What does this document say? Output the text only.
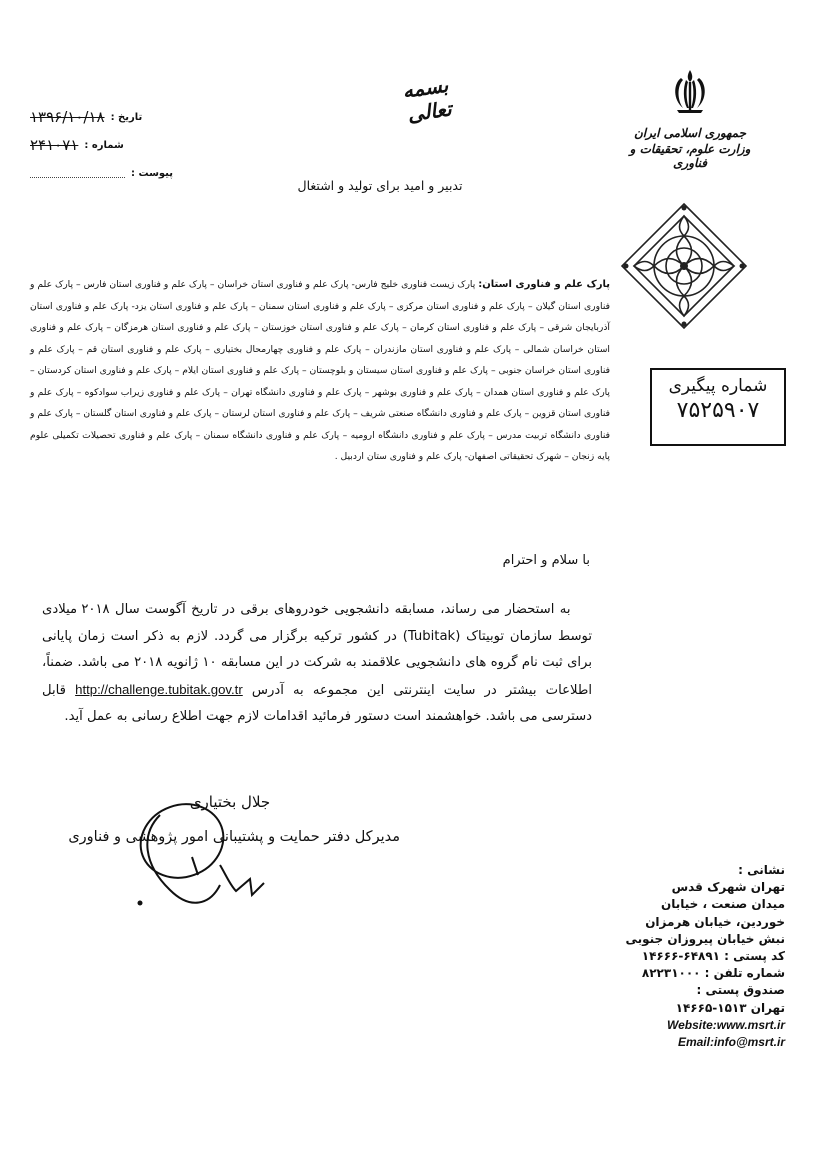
تاریخ :
۱۳۹۶/۱۰/۱۸
شماره :
۲۴۱۰۷۱
پیوست :
بسمه تعالی
تدبیر و امید برای تولید و اشتغال
جمهوری اسلامی ایران
وزارت علوم، تحقیقات و فناوری
شماره پیگیری
۷۵۲۵۹۰۷
پارک علم و فناوری استان: پارک زیست فناوری خلیج فارس- پارک علم و فناوری استان خراسان – پارک علم و فناوری استان فارس – پارک علم و فناوری استان گیلان – پارک علم و فناوری استان مرکزی – پارک علم و فناوری استان سمنان – پارک علم و فناوری استان یزد- پارک علم و فناوری استان آذربایجان شرقی – پارک علم و فناوری استان کرمان – پارک علم و فناوری استان خوزستان – پارک علم و فناوری استان هرمزگان – پارک علم و فناوری استان خراسان شمالی – پارک علم و فناوری استان مازندران – پارک علم و فناوری چهارمحال بختیاری – پارک علم و فناوری استان قم – پارک علم و فناوری استان خراسان جنوبی – پارک علم و فناوری استان سیستان و بلوچستان – پارک علم و فناوری استان ایلام – پارک علم و فناوری استان کردستان – پارک علم و فناوری استان همدان – پارک علم و فناوری بوشهر – پارک علم و فناوری دانشگاه تهران – پارک علم و فناوری زیراب سوادکوه – پارک علم و فناوری استان قزوین – پارک علم و فناوری دانشگاه صنعتی شریف – پارک علم و فناوری استان لرستان – پارک علم و فناوری استان گلستان – پارک علم و فناوری دانشگاه تربیت مدرس – پارک علم و فناوری دانشگاه ارومیه – پارک علم و فناوری دانشگاه سمنان – پارک علم و فناوری تحصیلات تکمیلی علوم پایه زنجان – شهرک تحقیقاتی اصفهان- پارک علم و فناوری ستان اردبیل .
با سلام و احترام
به استحضار می رساند، مسابقه دانشجویی خودروهای برقی در تاریخ آگوست سال ۲۰۱۸ میلادی توسط سازمان توبیتاک (Tubitak) در کشور ترکیه برگزار می گردد. لازم به ذکر است زمان پایانی برای ثبت نام گروه های دانشجویی علاقمند به شرکت در این مسابقه ۱۰ ژانویه ۲۰۱۸ می باشد. ضمناً، اطلاعات بیشتر در سایت اینترنتی این مجموعه به آدرس http://challenge.tubitak.gov.tr قابل دسترسی می باشد. خواهشمند است دستور فرمائید اقدامات لازم جهت اطلاع رسانی به عمل آید.
جلال بختیاری
مدیرکل دفتر حمایت و پشتیبانی امور پژوهشی و فناوری
نشانی :
تهران شهرک قدس
میدان صنعت ، خیابان
خوردین، خیابان هرمزان
نبش خیابان پیروزان جنوبی
کد پستی : ۶۴۸۹۱-۱۴۶۶۶
شماره تلفن : ۸۲۲۳۱۰۰۰
صندوق پستی :
تهران ۱۵۱۳-۱۴۶۶۵
Website:www.msrt.ir
Email:info@msrt.ir
